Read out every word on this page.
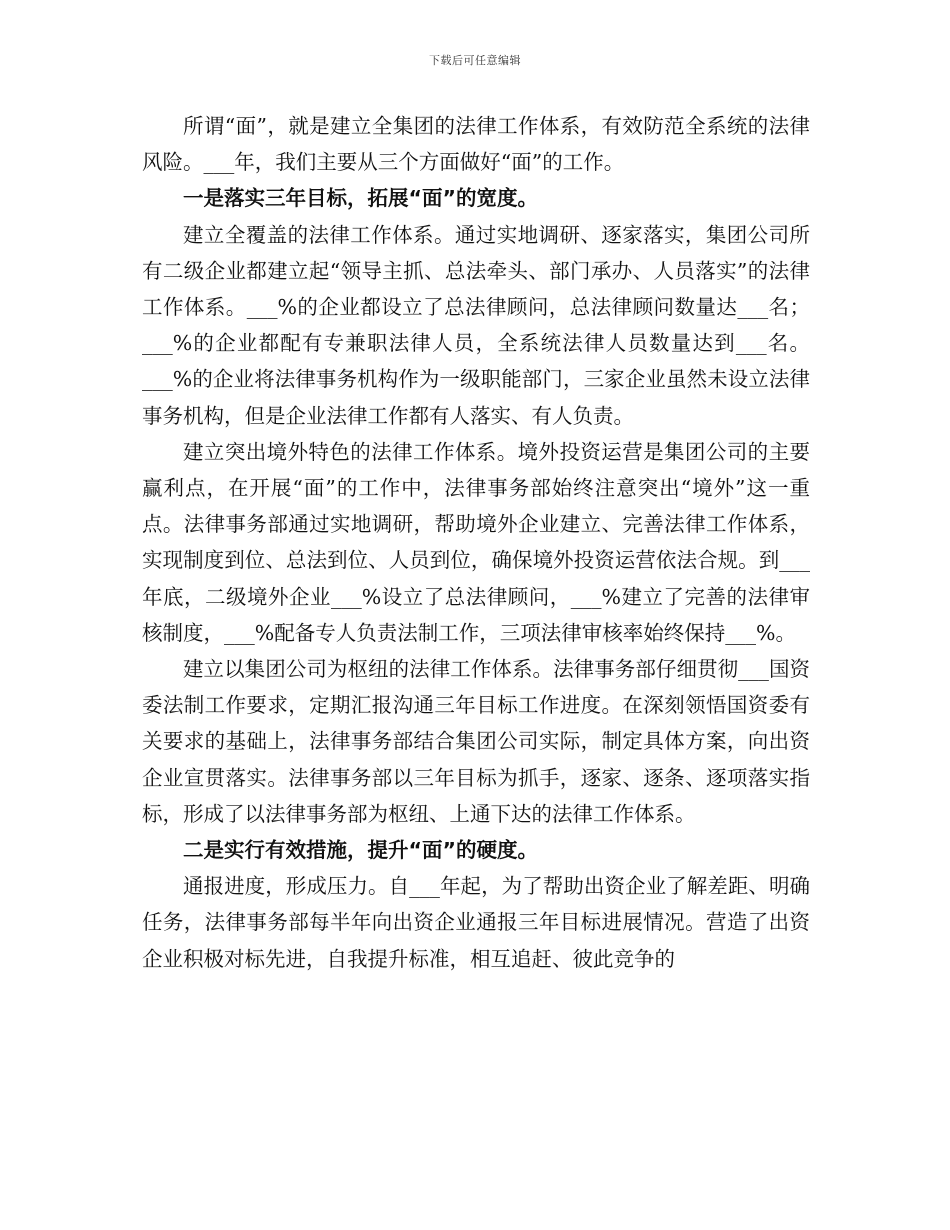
下载后可任意编辑

所谓“面”，就是建立全集团的法律工作体系，有效防范全系统的法律风险。___年，我们主要从三个方面做好“面”的工作。

一是落实三年目标，拓展“面”的宽度。

建立全覆盖的法律工作体系。通过实地调研、逐家落实，集团公司所有二级企业都建立起“领导主抓、总法牵头、部门承办、人员落实”的法律工作体系。___%的企业都设立了总法律顾问，总法律顾问数量达___名；___%的企业都配有专兼职法律人员，全系统法律人员数量达到___名。___%的企业将法律事务机构作为一级职能部门，三家企业虽然未设立法律事务机构，但是企业法律工作都有人落实、有人负责。

建立突出境外特色的法律工作体系。境外投资运营是集团公司的主要赢利点，在开展“面”的工作中，法律事务部始终注意突出“境外”这一重点。法律事务部通过实地调研，帮助境外企业建立、完善法律工作体系，实现制度到位、总法到位、人员到位，确保境外投资运营依法合规。到___年底，二级境外企业___%设立了总法律顾问，___%建立了完善的法律审核制度，___%配备专人负责法制工作，三项法律审核率始终保持___%。

建立以集团公司为枢纽的法律工作体系。法律事务部仔细贯彻___国资委法制工作要求，定期汇报沟通三年目标工作进度。在深刻领悟国资委有关要求的基础上，法律事务部结合集团公司实际，制定具体方案，向出资企业宣贯落实。法律事务部以三年目标为抓手，逐家、逐条、逐项落实指标，形成了以法律事务部为枢纽、上通下达的法律工作体系。

二是实行有效措施，提升“面”的硬度。

通报进度，形成压力。自___年起，为了帮助出资企业了解差距、明确任务，法律事务部每半年向出资企业通报三年目标进展情况。营造了出资企业积极对标先进，自我提升标准，相互追赶、彼此竞争的
